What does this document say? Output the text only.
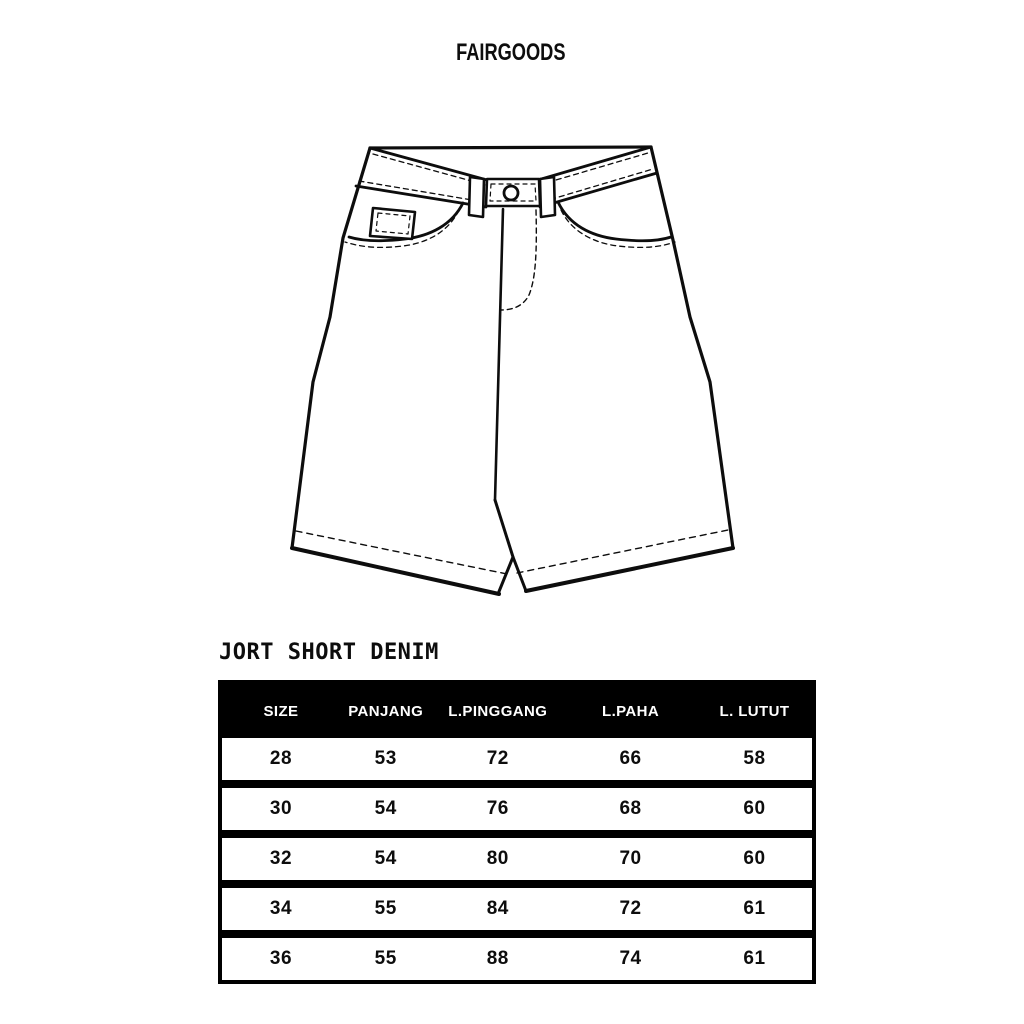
FAIRGOODS
JORT SHORT DENIM
SIZE	PANJANG	L.PINGGANG	L.PAHA	L. LUTUT
28	53	72	66	58
30	54	76	68	60
32	54	80	70	60
34	55	84	72	61
36	55	88	74	61
